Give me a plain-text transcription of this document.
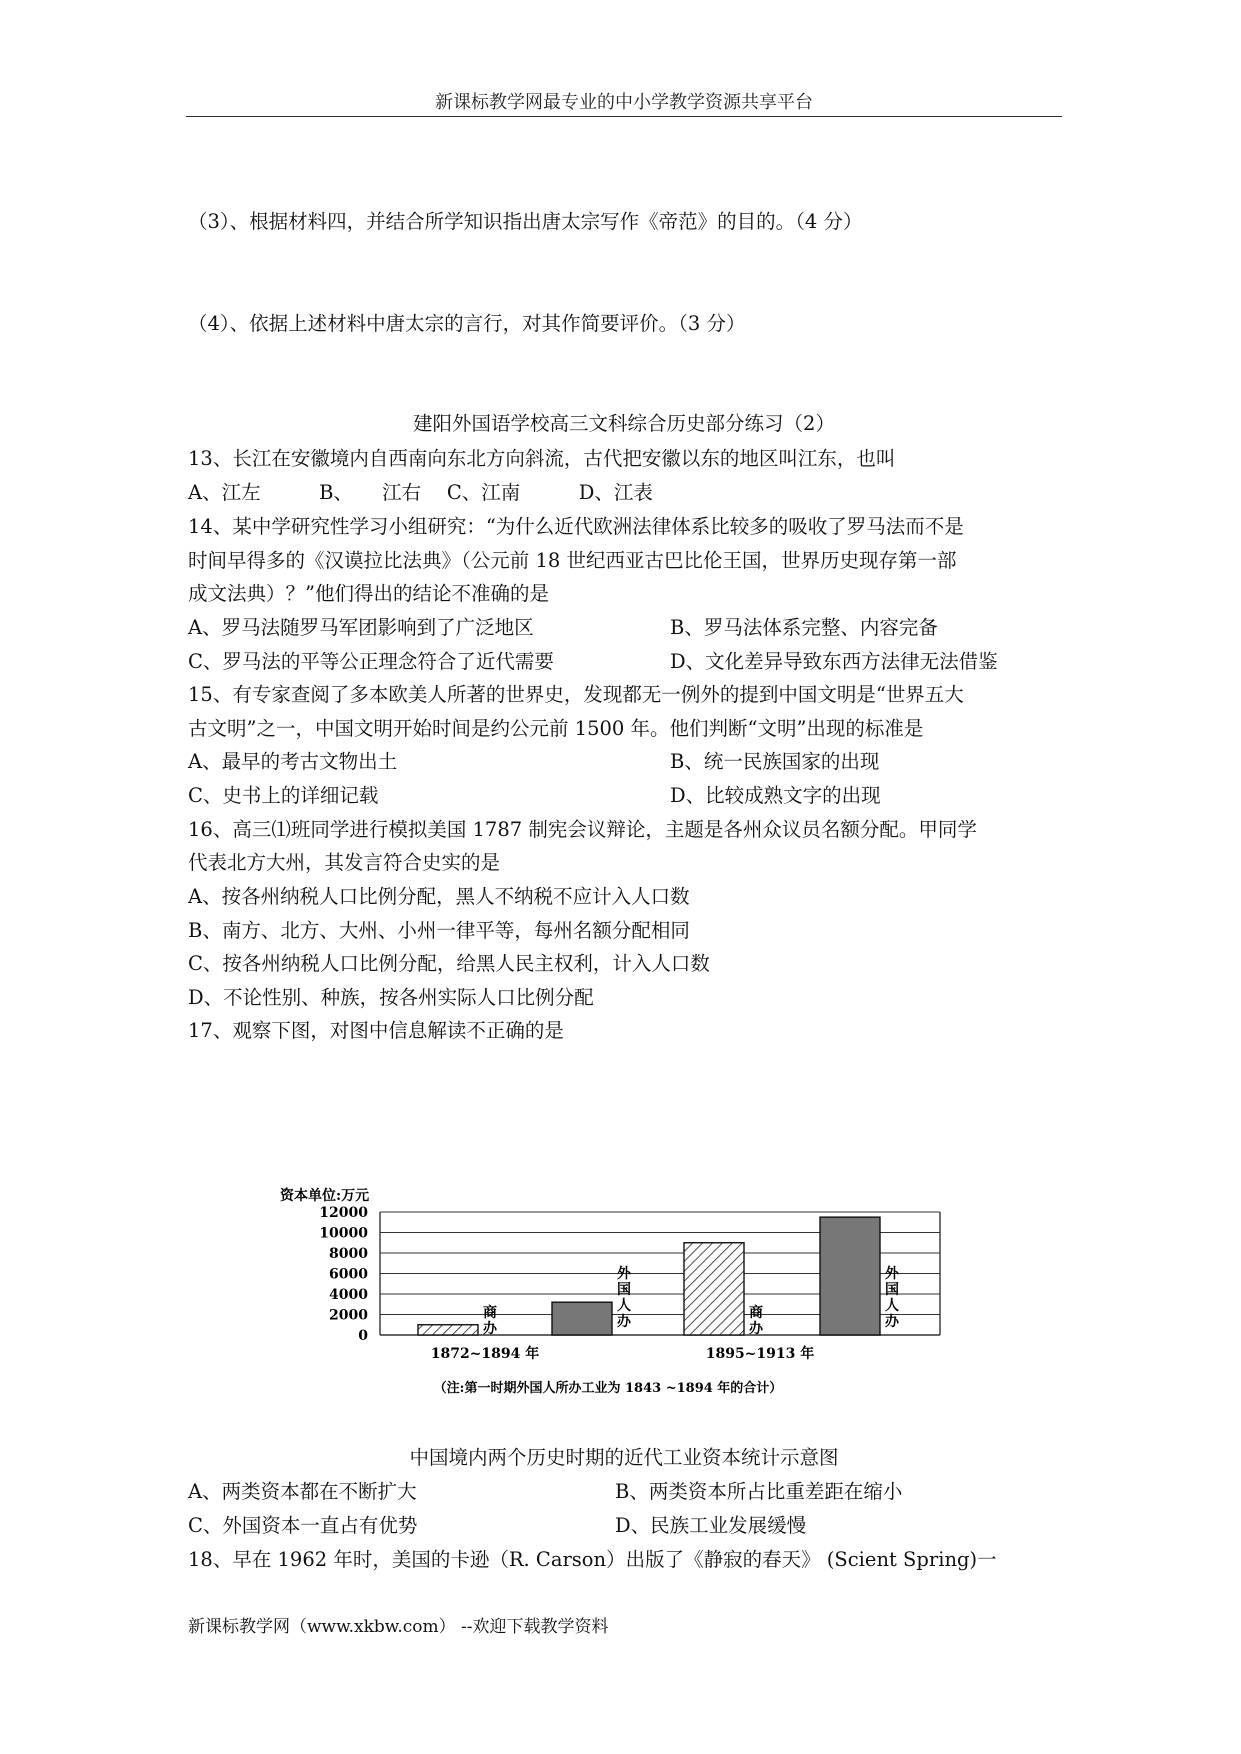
新课标教学网最专业的中小学教学资源共享平台
（3）、根据材料四，并结合所学知识指出唐太宗写作《帝范》的目的。（4 分）
（4）、依据上述材料中唐太宗的言行，对其作简要评价。（3 分）
建阳外国语学校高三文科综合历史部分练习（2）
13、长江在安徽境内自西南向东北方向斜流，古代把安徽以东的地区叫江东，也叫
A、江左　　　B、　　江右　 C、江南　　　D、江表
14、某中学研究性学习小组研究：“为什么近代欧洲法律体系比较多的吸收了罗马法而不是
时间早得多的《汉谟拉比法典》（公元前 18 世纪西亚古巴比伦王国，世界历史现存第一部
成文法典）？”他们得出的结论不准确的是
A、罗马法随罗马军团影响到了广泛地区	B、罗马法体系完整、内容完备
C、罗马法的平等公正理念符合了近代需要	D、文化差异导致东西方法律无法借鉴
15、有专家查阅了多本欧美人所著的世界史，发现都无一例外的提到中国文明是“世界五大
古文明”之一，中国文明开始时间是约公元前 1500 年。他们判断“文明”出现的标准是
A、最早的考古文物出土	B、统一民族国家的出现
C、史书上的详细记载	D、比较成熟文字的出现
16、高三⑴班同学进行模拟美国 1787 制宪会议辩论，主题是各州众议员名额分配。甲同学
代表北方大州，其发言符合史实的是
A、按各州纳税人口比例分配，黑人不纳税不应计入人口数
B、南方、北方、大州、小州一律平等，每州名额分配相同
C、按各州纳税人口比例分配，给黑人民主权利，计入人口数
D、不论性别、种族，按各州实际人口比例分配
17、观察下图，对图中信息解读不正确的是
资本单位:万元
12000
10000
8000
6000
4000
2000
0
商办
外国人办
商办
外国人办
1872~1894 年	1895~1913 年
（注:第一时期外国人所办工业为 1843 ~1894 年的合计）
中国境内两个历史时期的近代工业资本统计示意图
A、两类资本都在不断扩大	B、两类资本所占比重差距在缩小
C、外国资本一直占有优势	D、民族工业发展缓慢
18、早在 1962 年时，美国的卡逊（R. Carson）出版了《静寂的春天》 (Scient Spring)一
新课标教学网（www.xkbw.com） --欢迎下载教学资料
